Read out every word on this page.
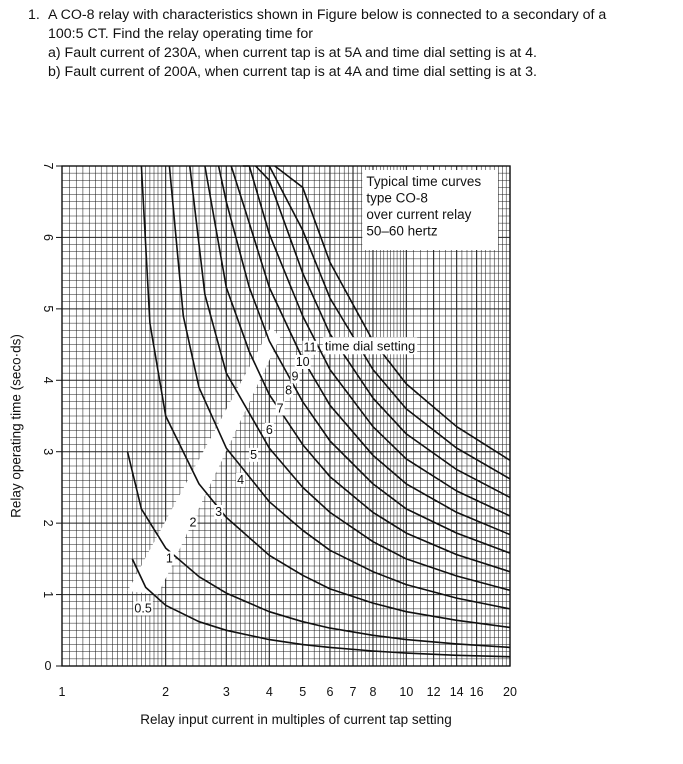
1. A CO-8 relay with characteristics shown in Figure below is connected to a secondary of a
100:5 CT. Find the relay operating time for
a) Fault current of 230A, when current tap is at 5A and time dial setting is at 4.
b) Fault current of 200A, when current tap is at 4A and time dial setting is at 3.
Typical time curves
type CO-8
over current relay
50–60 hertz
0
1
2
3
4
5
6
7
1	2	3	4 5 6 7 8 10 12 14 16 20
0.5
1
2
3
4
5
6
7
8
9
10
11 time dial setting
Relay input current in multiples of current tap setting
Relay operating time (seco·ds)
